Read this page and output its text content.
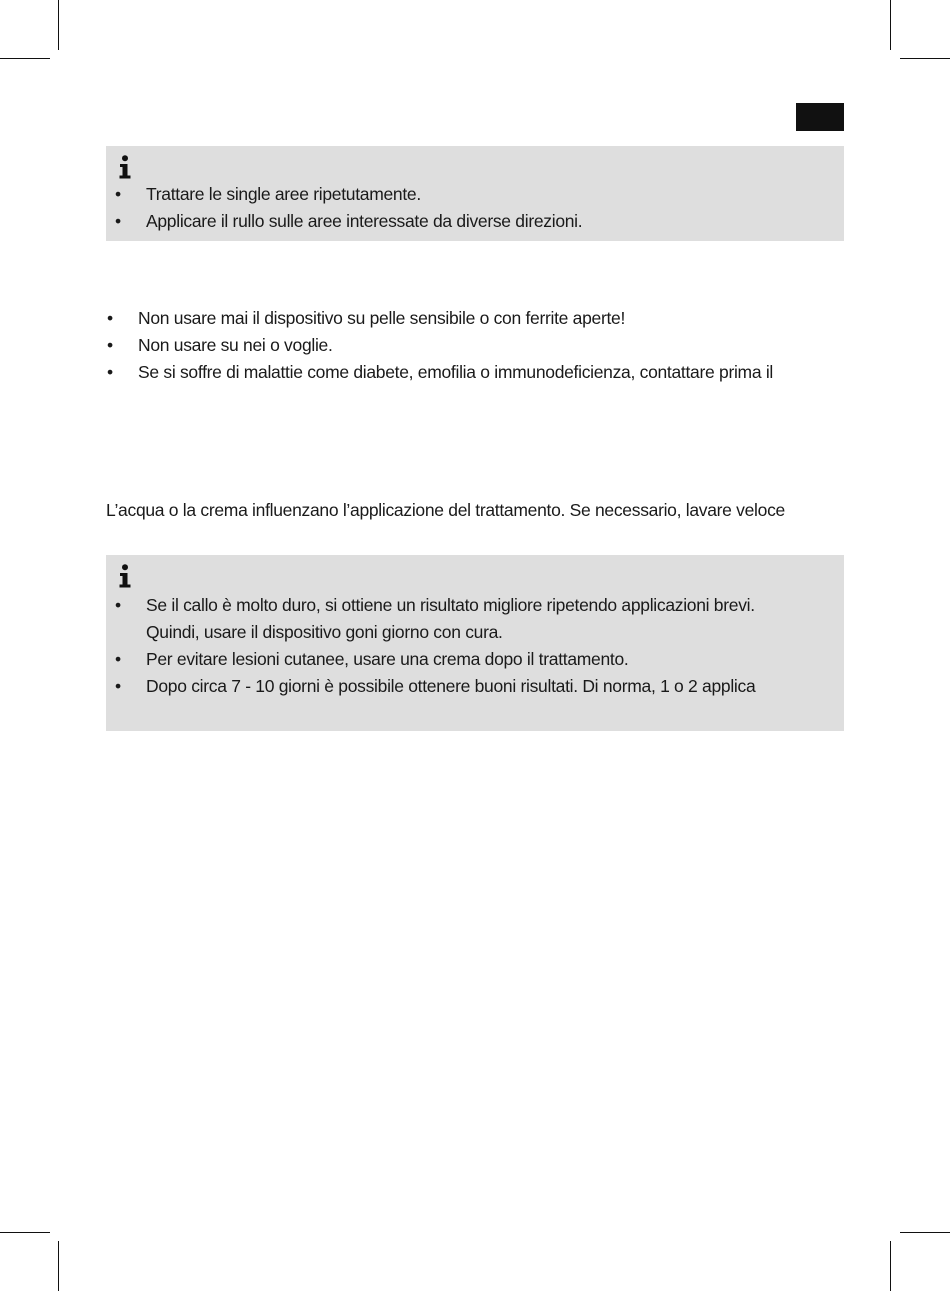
• Trattare le single aree ripetutamente.
• Applicare il rullo sulle aree interessate da diverse direzioni.
• Non usare mai il dispositivo su pelle sensibile o con ferrite aperte!
• Non usare su nei o voglie.
• Se si soffre di malattie come diabete, emofilia o immunodeficienza, contattare prima il
L’acqua o la crema influenzano l’applicazione del trattamento. Se necessario, lavare veloce
• Se il callo è molto duro, si ottiene un risultato migliore ripetendo applicazioni brevi.
Quindi, usare il dispositivo goni giorno con cura.
• Per evitare lesioni cutanee, usare una crema dopo il trattamento.
• Dopo circa 7 - 10 giorni è possibile ottenere buoni risultati. Di norma, 1 o 2 applica
